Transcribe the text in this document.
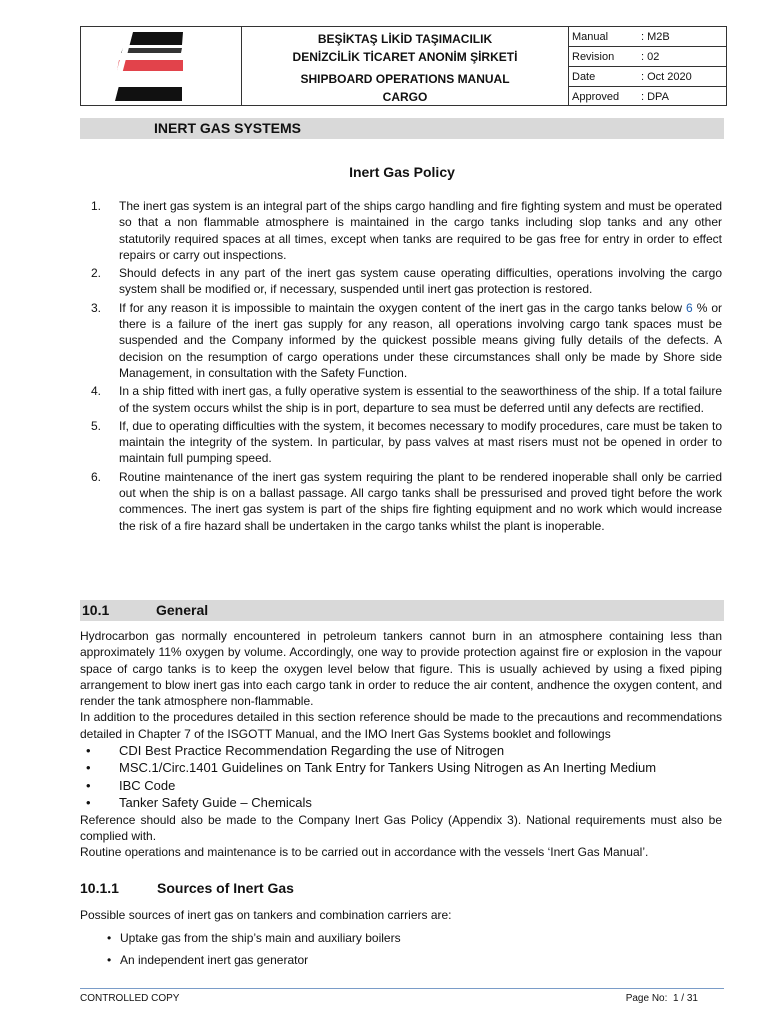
BEŞİKTAŞ LİKİD TAŞIMACILIK
DENİZCİLİK TİCARET ANONİM ŞİRKETİ
SHIPBOARD OPERATIONS MANUAL
CARGO
Manual	: M2B
Revision	: 02
Date	: Oct 2020
Approved	: DPA
INERT GAS SYSTEMS
Inert Gas Policy
1.	The inert gas system is an integral part of the ships cargo handling and fire fighting system and must be operated so that a non flammable atmosphere is maintained in the cargo tanks including slop tanks and any other statutorily required spaces at all times, except when tanks are required to be gas free for entry in order to effect repairs or carry out inspections.
2.	Should defects in any part of the inert gas system cause operating difficulties, operations involving the cargo system shall be modified or, if necessary, suspended until inert gas protection is restored.
3.	If for any reason it is impossible to maintain the oxygen content of the inert gas in the cargo tanks below 6 % or there is a failure of the inert gas supply for any reason, all operations involving cargo tank spaces must be suspended and the Company informed by the quickest possible means giving fully details of the defects. A decision on the resumption of cargo operations under these circumstances shall only be made by Shore side Management, in consultation with the Safety Function.
4.	In a ship fitted with inert gas, a fully operative system is essential to the seaworthiness of the ship. If a total failure of the system occurs whilst the ship is in port, departure to sea must be deferred until any defects are rectified.
5.	If, due to operating difficulties with the system, it becomes necessary to modify procedures, care must be taken to maintain the integrity of the system. In particular, by pass valves at mast risers must not be opened in order to maintain full pumping speed.
6.	Routine maintenance of the inert gas system requiring the plant to be rendered inoperable shall only be carried out when the ship is on a ballast passage. All cargo tanks shall be pressurised and proved tight before the work commences. The inert gas system is part of the ships fire fighting equipment and no work which would increase the risk of a fire hazard shall be undertaken in the cargo tanks whilst the plant is inoperable.
10.1	General

Hydrocarbon gas normally encountered in petroleum tankers cannot burn in an atmosphere containing less than approximately 11% oxygen by volume. Accordingly, one way to provide protection against fire or explosion in the vapour space of cargo tanks is to keep the oxygen level below that figure. This is usually achieved by using a fixed piping arrangement to blow inert gas into each cargo tank in order to reduce the air content, andhence the oxygen content, and render the tank atmosphere non-flammable.

In addition to the procedures detailed in this section reference should be made to the precautions and recommendations detailed in Chapter 7 of the ISGOTT Manual, and the IMO Inert Gas Systems booklet and followings

•	CDI Best Practice Recommendation Regarding the use of Nitrogen
•	MSC.1/Circ.1401 Guidelines on Tank Entry for Tankers Using Nitrogen as An Inerting Medium
•	IBC Code
•	Tanker Safety Guide – Chemicals

Reference should also be made to the Company Inert Gas Policy (Appendix 3). National requirements must also be complied with.

Routine operations and maintenance is to be carried out in accordance with the vessels ‘Inert Gas Manual’.

10.1.1	Sources of Inert Gas
Possible sources of inert gas on tankers and combination carriers are:
• Uptake gas from the ship’s main and auxiliary boilers
• An independent inert gas generator
CONTROLLED COPY	Page No: 1 / 31
